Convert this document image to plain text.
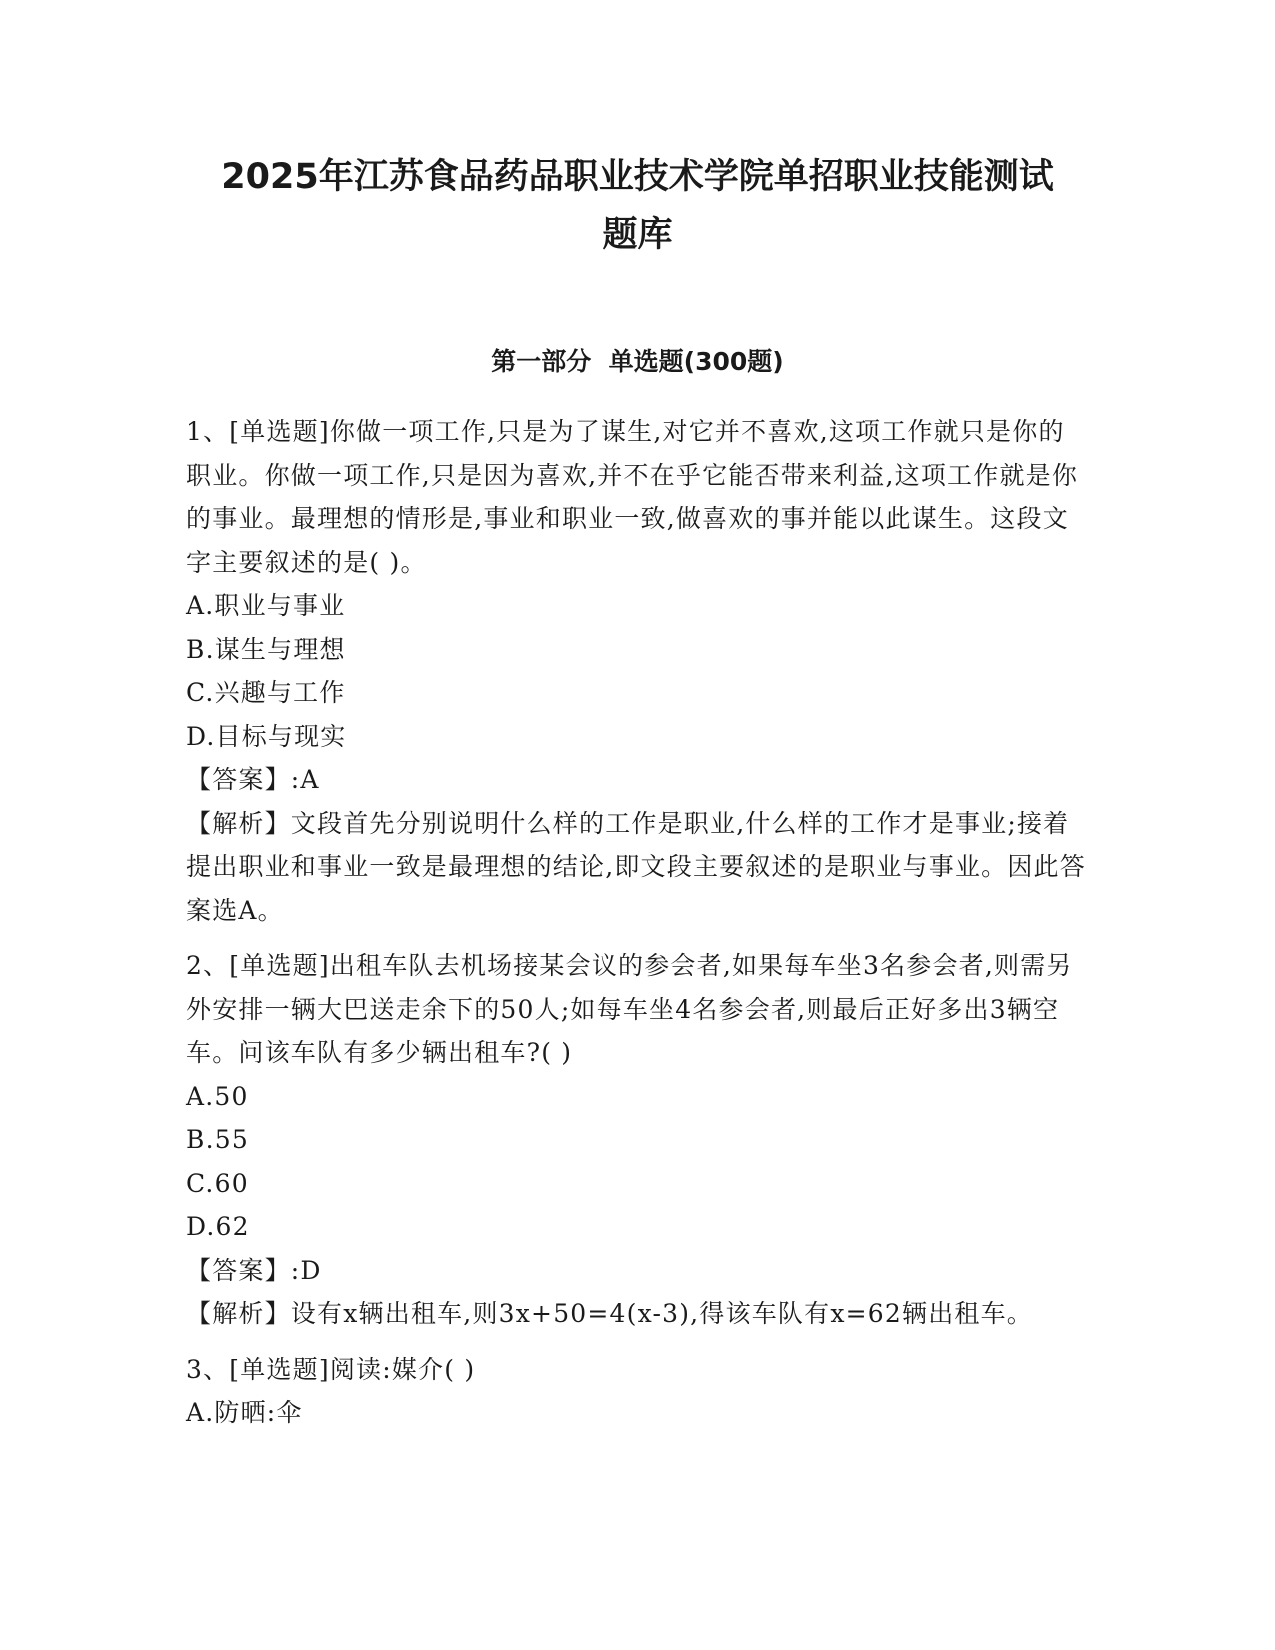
2025年江苏食品药品职业技术学院单招职业技能测试
题库
第一部分  单选题(300题)

1、[单选题]你做一项工作,只是为了谋生,对它并不喜欢,这项工作就只是你的职业。你做一项工作,只是因为喜欢,并不在乎它能否带来利益,这项工作就是你的事业。最理想的情形是,事业和职业一致,做喜欢的事并能以此谋生。这段文字主要叙述的是( )。

A.职业与事业

B.谋生与理想

C.兴趣与工作

D.目标与现实

【答案】:A

【解析】文段首先分别说明什么样的工作是职业,什么样的工作才是事业;接着提出职业和事业一致是最理想的结论,即文段主要叙述的是职业与事业。因此答案选A。

2、[单选题]出租车队去机场接某会议的参会者,如果每车坐3名参会者,则需另外安排一辆大巴送走余下的50人;如每车坐4名参会者,则最后正好多出3辆空车。问该车队有多少辆出租车?( )

A.50

B.55

C.60

D.62

【答案】:D

【解析】设有x辆出租车,则3x+50=4(x-3),得该车队有x=62辆出租车。

3、[单选题]阅读:媒介( )

A.防晒:伞
